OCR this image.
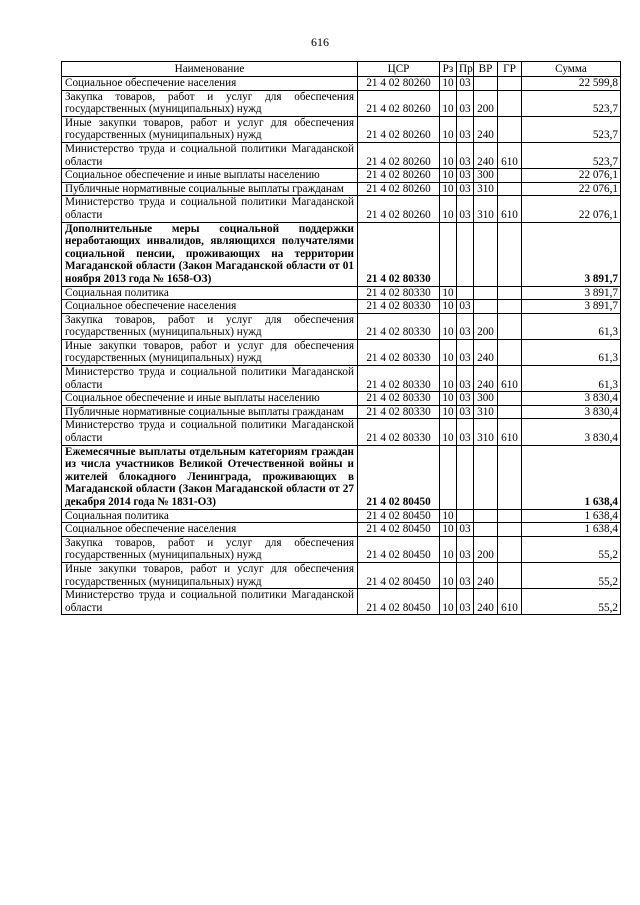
616
Наименование	ЦСР	Рз	Пр	ВР	ГР	Сумма
Социальное обеспечение населения	21 4 02 80260	10	03			22 599,8
Закупка товаров, работ и услуг для обеспечения государственных (муниципальных) нужд	21 4 02 80260	10	03	200		523,7
Иные закупки товаров, работ и услуг для обеспечения государственных (муниципальных) нужд	21 4 02 80260	10	03	240		523,7
Министерство труда и социальной политики Магаданской области	21 4 02 80260	10	03	240	610	523,7
Социальное обеспечение и иные выплаты населению	21 4 02 80260	10	03	300		22 076,1
Публичные нормативные социальные выплаты гражданам	21 4 02 80260	10	03	310		22 076,1
Министерство труда и социальной политики Магаданской области	21 4 02 80260	10	03	310	610	22 076,1
Дополнительные меры социальной поддержки неработающих инвалидов, являющихся получателями социальной пенсии, проживающих на территории Магаданской области (Закон Магаданской области от 01 ноября 2013 года № 1658-ОЗ)	21 4 02 80330					3 891,7
Социальная политика	21 4 02 80330	10				3 891,7
Социальное обеспечение населения	21 4 02 80330	10	03			3 891,7
Закупка товаров, работ и услуг для обеспечения государственных (муниципальных) нужд	21 4 02 80330	10	03	200		61,3
Иные закупки товаров, работ и услуг для обеспечения государственных (муниципальных) нужд	21 4 02 80330	10	03	240		61,3
Министерство труда и социальной политики Магаданской области	21 4 02 80330	10	03	240	610	61,3
Социальное обеспечение и иные выплаты населению	21 4 02 80330	10	03	300		3 830,4
Публичные нормативные социальные выплаты гражданам	21 4 02 80330	10	03	310		3 830,4
Министерство труда и социальной политики Магаданской области	21 4 02 80330	10	03	310	610	3 830,4
Ежемесячные выплаты отдельным категориям граждан из числа участников Великой Отечественной войны и жителей блокадного Ленинграда, проживающих в Магаданской области (Закон Магаданской области от 27 декабря 2014 года № 1831-ОЗ)	21 4 02 80450					1 638,4
Социальная политика	21 4 02 80450	10				1 638,4
Социальное обеспечение населения	21 4 02 80450	10	03			1 638,4
Закупка товаров, работ и услуг для обеспечения государственных (муниципальных) нужд	21 4 02 80450	10	03	200		55,2
Иные закупки товаров, работ и услуг для обеспечения государственных (муниципальных) нужд	21 4 02 80450	10	03	240		55,2
Министерство труда и социальной политики Магаданской области	21 4 02 80450	10	03	240	610	55,2
